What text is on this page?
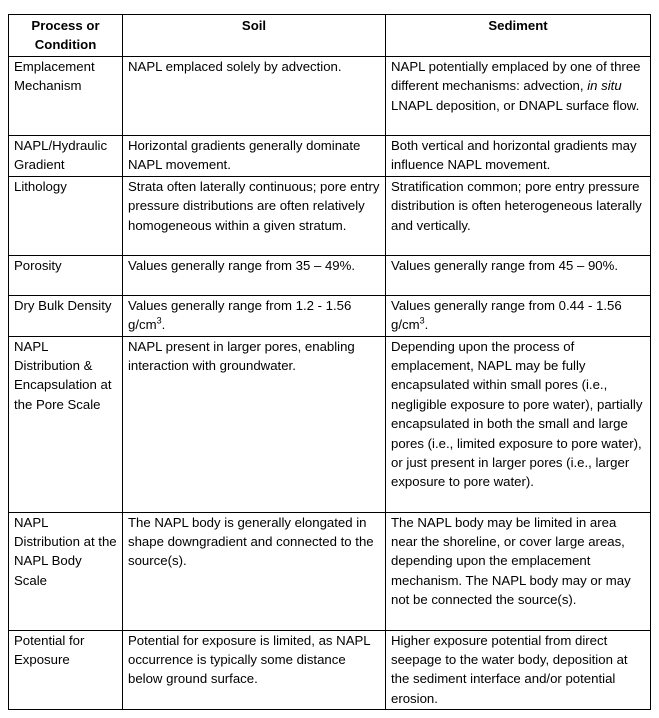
Process or
Condition	Soil	Sediment
Emplacement Mechanism	NAPL emplaced solely by advection.	NAPL potentially emplaced by one of three different mechanisms: advection, in situ LNAPL deposition, or DNAPL surface flow.
NAPL/Hydraulic Gradient	Horizontal gradients generally dominate NAPL movement.	Both vertical and horizontal gradients may influence NAPL movement.
Lithology	Strata often laterally continuous; pore entry pressure distributions are often relatively homogeneous within a given stratum.	Stratification common; pore entry pressure distribution is often heterogeneous laterally and vertically.
Porosity	Values generally range from 35 – 49%.	Values generally range from 45 – 90%.
Dry Bulk Density	Values generally range from 1.2 - 1.56 $g/cm^3$.	Values generally range from 0.44 - 1.56 $g/cm^3$.
NAPL Distribution & Encapsulation at the Pore Scale	NAPL present in larger pores, enabling interaction with groundwater.	Depending upon the process of emplacement, NAPL may be fully encapsulated within small pores (i.e., negligible exposure to pore water), partially encapsulated in both the small and large pores (i.e., limited exposure to pore water), or just present in larger pores (i.e., larger exposure to pore water).
NAPL Distribution at the NAPL Body Scale	The NAPL body is generally elongated in shape downgradient and connected to the source(s).	The NAPL body may be limited in area near the shoreline, or cover large areas, depending upon the emplacement mechanism. The NAPL body may or may not be connected the source(s).
Potential for Exposure	Potential for exposure is limited, as NAPL occurrence is typically some distance below ground surface.	Higher exposure potential from direct seepage to the water body, deposition at the sediment interface and/or potential erosion.
